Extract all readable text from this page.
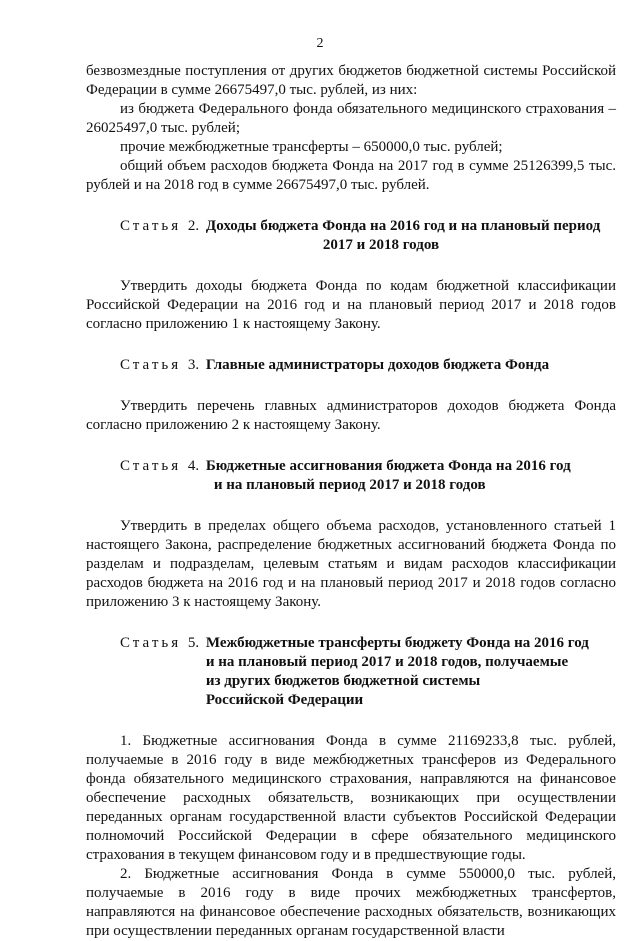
2

безвозмездные поступления от других бюджетов бюджетной системы Российской Федерации в сумме 26675497,0 тыс. рублей, из них:

из бюджета Федерального фонда обязательного медицинского страхования – 26025497,0 тыс. рублей;

прочие межбюджетные трансферты – 650000,0 тыс. рублей;

общий объем расходов бюджета Фонда на 2017 год в сумме 25126399,5 тыс. рублей и на 2018 год в сумме 26675497,0 тыс. рублей.

Статья 2. Доходы бюджета Фонда на 2016 год и на плановый период
2017 и 2018 годов

Утвердить доходы бюджета Фонда по кодам бюджетной классификации Российской Федерации на 2016 год и на плановый период 2017 и 2018 годов согласно приложению 1 к настоящему Закону.

Статья 3. Главные администраторы доходов бюджета Фонда

Утвердить перечень главных администраторов доходов бюджета Фонда согласно приложению 2 к настоящему Закону.

Статья 4. Бюджетные ассигнования бюджета Фонда на 2016 год
и на плановый период 2017 и 2018 годов

Утвердить в пределах общего объема расходов, установленного статьей 1 настоящего Закона, распределение бюджетных ассигнований бюджета Фонда по разделам и подразделам, целевым статьям и видам расходов классификации расходов бюджета на 2016 год и на плановый период 2017 и 2018 годов согласно приложению 3 к настоящему Закону.

Статья 5. Межбюджетные трансферты бюджету Фонда на 2016 год
и на плановый период 2017 и 2018 годов, получаемые
из других бюджетов бюджетной системы
Российской Федерации

1. Бюджетные ассигнования Фонда в сумме 21169233,8 тыс. рублей, получаемые в 2016 году в виде межбюджетных трансферов из Федерального фонда обязательного медицинского страхования, направляются на финансовое обеспечение расходных обязательств, возникающих при осуществлении переданных органам государственной власти субъектов Российской Федерации полномочий Российской Федерации в сфере обязательного медицинского страхования в текущем финансовом году и в предшествующие годы.

2. Бюджетные ассигнования Фонда в сумме 550000,0 тыс. рублей, получаемые в 2016 году в виде прочих межбюджетных трансфертов, направляются на финансовое обеспечение расходных обязательств, возникающих при осуществлении переданных органам государственной власти
